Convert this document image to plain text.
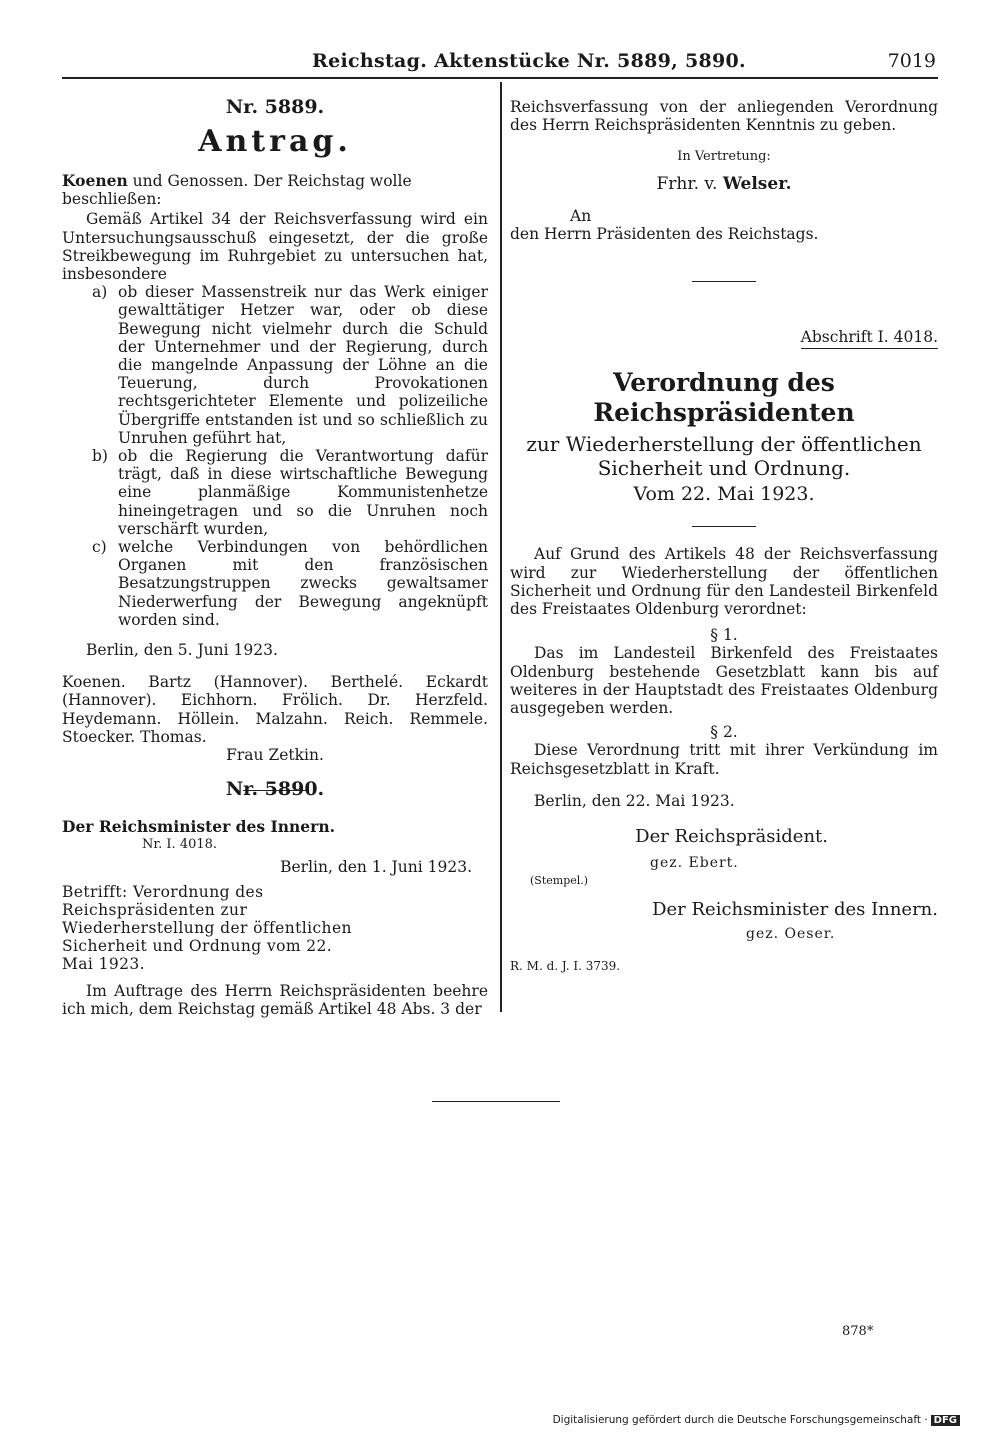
Reichstag. Aktenstücke Nr. 5889, 5890.	7019
Nr. 5889.
Antrag.

Koenen und Genossen. Der Reichstag wolle beschließen:

Gemäß Artikel 34 der Reichsverfassung wird ein Untersuchungsausschuß eingesetzt, der die große Streikbewegung im Ruhrgebiet zu untersuchen hat, insbesondere

a) ob dieser Massenstreik nur das Werk einiger gewalttätiger Hetzer war, oder ob diese Bewegung nicht vielmehr durch die Schuld der Unternehmer und der Regierung, durch die mangelnde Anpassung der Löhne an die Teuerung, durch Provokationen rechtsgerichteter Elemente und polizeiliche Übergriffe entstanden ist und so schließlich zu Unruhen geführt hat,
b) ob die Regierung die Verantwortung dafür trägt, daß in diese wirtschaftliche Bewegung eine planmäßige Kommunistenhetze hineingetragen und so die Unruhen noch verschärft wurden,
c) welche Verbindungen von behördlichen Organen mit den französischen Besatzungstruppen zwecks gewaltsamer Niederwerfung der Bewegung angeknüpft worden sind.

Berlin, den 5. Juni 1923.

Koenen. Bartz (Hannover). Berthelé. Eckardt (Hannover). Eichhorn. Frölich. Dr. Herzfeld. Heydemann. Höllein. Malzahn. Reich. Remmele. Stoecker. Thomas.

Frau Zetkin.

Nr. 5890.

Der Reichsminister des Innern.

Nr. I. 4018.

Berlin, den 1. Juni 1923.

Betrifft: Verordnung des Reichspräsidenten zur Wiederherstellung der öffentlichen Sicherheit und Ordnung vom 22. Mai 1923.

Im Auftrage des Herrn Reichspräsidenten beehre ich mich, dem Reichstag gemäß Artikel 48 Abs. 3 der

Reichsverfassung von der anliegenden Verordnung des Herrn Reichspräsidenten Kenntnis zu geben.

In Vertretung:

Frhr. v. Welser.

An

den Herrn Präsidenten des Reichstags.

Abschrift I. 4018.
Verordnung des Reichspräsidenten
zur Wiederherstellung der öffentlichen Sicherheit und Ordnung.
Vom 22. Mai 1923.

Auf Grund des Artikels 48 der Reichsverfassung wird zur Wiederherstellung der öffentlichen Sicherheit und Ordnung für den Landesteil Birkenfeld des Freistaates Oldenburg verordnet:

§ 1.

Das im Landesteil Birkenfeld des Freistaates Oldenburg bestehende Gesetzblatt kann bis auf weiteres in der Hauptstadt des Freistaates Oldenburg ausgegeben werden.

§ 2.

Diese Verordnung tritt mit ihrer Verkündung im Reichsgesetzblatt in Kraft.

Berlin, den 22. Mai 1923.

Der Reichspräsident.

gez. Ebert.

(Stempel.)

Der Reichsminister des Innern.

gez. Oeser.

R. M. d. J. I. 3739.

878*
Digitalisierung gefördert durch die Deutsche Forschungsgemeinschaft · DFG
